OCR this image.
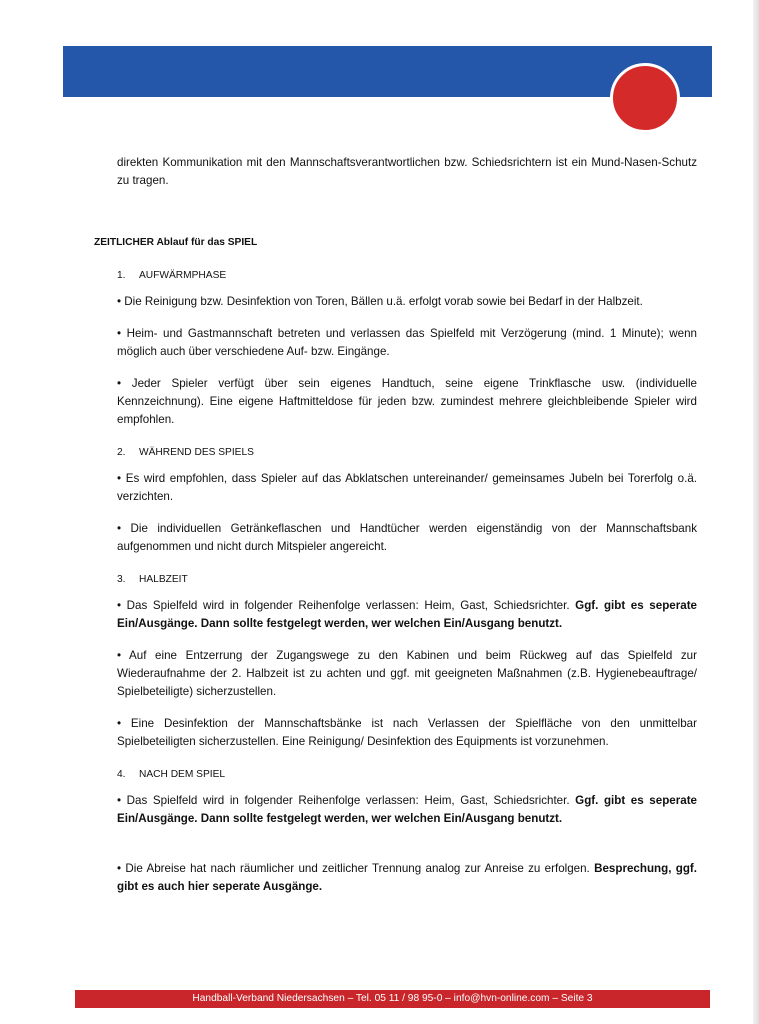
direkten Kommunikation mit den Mannschaftsverantwortlichen bzw. Schiedsrichtern ist ein Mund-Nasen-Schutz zu tragen.

ZEITLICHER Ablauf für das SPIEL
1. AUFWÄRMPHASE

• Die Reinigung bzw. Desinfektion von Toren, Bällen u.ä. erfolgt vorab sowie bei Bedarf in der Halbzeit.

• Heim- und Gastmannschaft betreten und verlassen das Spielfeld mit Verzögerung (mind. 1 Minute); wenn möglich auch über verschiedene Auf- bzw. Eingänge.

• Jeder Spieler verfügt über sein eigenes Handtuch, seine eigene Trinkflasche usw. (individuelle Kennzeichnung). Eine eigene Haftmitteldose für jeden bzw. zumindest mehrere gleichbleibende Spieler wird empfohlen.

2. WÄHREND DES SPIELS

• Es wird empfohlen, dass Spieler auf das Abklatschen untereinander/ gemeinsames Jubeln bei Torerfolg o.ä. verzichten.

• Die individuellen Getränkeflaschen und Handtücher werden eigenständig von der Mannschaftsbank aufgenommen und nicht durch Mitspieler angereicht.

3. HALBZEIT

• Das Spielfeld wird in folgender Reihenfolge verlassen: Heim, Gast, Schiedsrichter. Ggf. gibt es seperate Ein/Ausgänge. Dann sollte festgelegt werden, wer welchen Ein/Ausgang benutzt.

• Auf eine Entzerrung der Zugangswege zu den Kabinen und beim Rückweg auf das Spielfeld zur Wiederaufnahme der 2. Halbzeit ist zu achten und ggf. mit geeigneten Maßnahmen (z.B. Hygienebeauftrage/ Spielbeteiligte) sicherzustellen.

• Eine Desinfektion der Mannschaftsbänke ist nach Verlassen der Spielfläche von den unmittelbar Spielbeteiligten sicherzustellen. Eine Reinigung/ Desinfektion des Equipments ist vorzunehmen.

4. NACH DEM SPIEL

• Das Spielfeld wird in folgender Reihenfolge verlassen: Heim, Gast, Schiedsrichter. Ggf. gibt es seperate Ein/Ausgänge. Dann sollte festgelegt werden, wer welchen Ein/Ausgang benutzt.

• Die Abreise hat nach räumlicher und zeitlicher Trennung analog zur Anreise zu erfolgen. Besprechung, ggf. gibt es auch hier seperate Ausgänge.

Handball-Verband Niedersachsen – Tel. 05 11 / 98 95-0 – info@hvn-online.com – Seite 3
